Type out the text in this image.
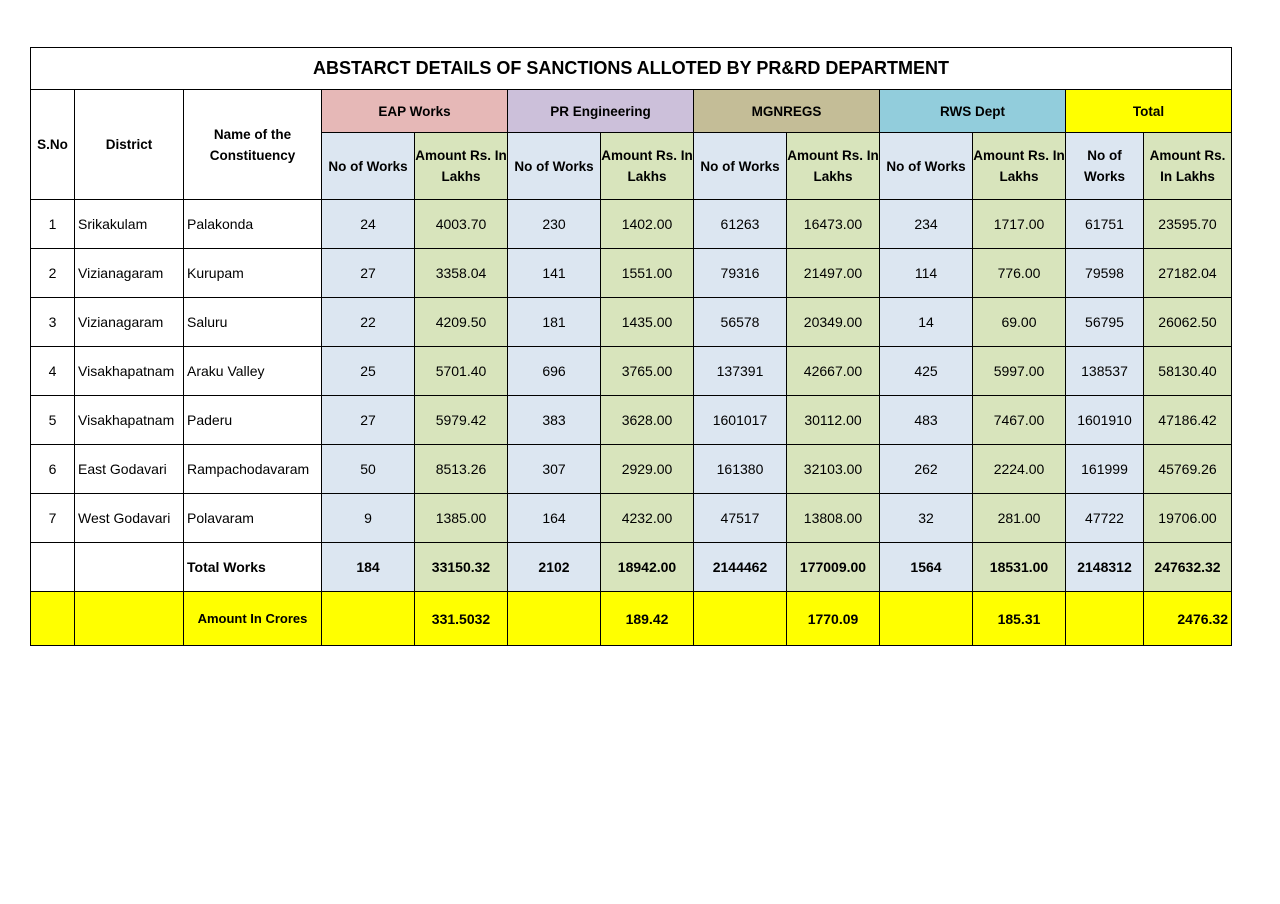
ABSTARCT DETAILS OF SANCTIONS ALLOTED BY PR&RD DEPARTMENT												
S.No	District	Name of the Constituency	EAP Works		PR Engineering		MGNREGS		RWS Dept		Total	
			No of Works	Amount Rs. In Lakhs	No of Works	Amount Rs. In Lakhs	No of Works	Amount Rs. In Lakhs	No of Works	Amount Rs. In Lakhs	No of Works	Amount Rs. In Lakhs
1	Srikakulam	Palakonda	24	4003.70	230	1402.00	61263	16473.00	234	1717.00	61751	23595.70
2	Vizianagaram	Kurupam	27	3358.04	141	1551.00	79316	21497.00	114	776.00	79598	27182.04
3	Vizianagaram	Saluru	22	4209.50	181	1435.00	56578	20349.00	14	69.00	56795	26062.50
4	Visakhapatnam	Araku Valley	25	5701.40	696	3765.00	137391	42667.00	425	5997.00	138537	58130.40
5	Visakhapatnam	Paderu	27	5979.42	383	3628.00	1601017	30112.00	483	7467.00	1601910	47186.42
6	East Godavari	Rampachodavaram	50	8513.26	307	2929.00	161380	32103.00	262	2224.00	161999	45769.26
7	West Godavari	Polavaram	9	1385.00	164	4232.00	47517	13808.00	32	281.00	47722	19706.00
		Total Works	184	33150.32	2102	18942.00	2144462	177009.00	1564	18531.00	2148312	247632.32
		Amount In Crores		331.5032		189.42		1770.09		185.31		2476.32
